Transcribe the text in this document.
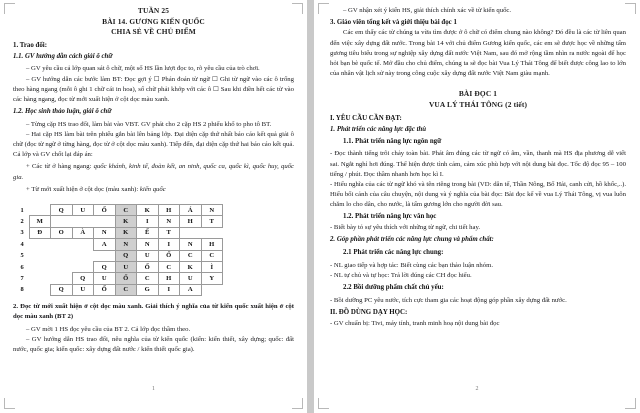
TUẦN 25
BÀI 14. GƯƠNG KIẾN QUỐC
CHIA SẺ VỀ CHỦ ĐIỂM
1. Trao đổi:
1.1. GV hướng dẫn cách giải ô chữ

– GV yêu cầu cả lớp quan sát ô chữ, một số HS lần lượt đọc to, rõ yêu cầu của trò chơi.

– GV hướng dẫn các bước làm BT: Đọc gợi ý ☐ Phán đoán từ ngữ ☐ Ghi từ ngữ vào các ô trống theo hàng ngang (mỗi ô ghi 1 chữ cái in hoa), số chữ phải khớp với các ô ☐ Sau khi điền hết các từ vào các hàng ngang, đọc từ mới xuất hiện ở cột dọc màu xanh.

1.2. Học sinh thảo luận, giải ô chữ

– Từng cặp HS trao đổi, làm bài vào VBT. GV phát cho 2 cặp HS 2 phiếu khổ to pho tô BT.

– Hai cặp HS làm bài trên phiếu gắn bài lên bảng lớp. Đại diện cặp thứ nhất báo cáo kết quả giải ô chữ (đọc từ ngữ ở từng hàng, đọc từ ở cột dọc màu xanh). Tiếp đến, đại diện cặp thứ hai báo cáo kết quả. Cả lớp và GV chốt lại đáp án:

+ Các từ ở hàng ngang: quốc khánh, kinh tế, đoàn kết, an ninh, quốc ca, quốc kì, quốc huy, quốc gia.

+ Từ mới xuất hiện ở cột dọc (màu xanh): kiến quốc

1		Q	U	Ố	C	K	H	Á	N
2	M				K	I	N	H	T
3	Đ	O	À	N	K	Ế	T		
4				A	N	N	I	N	H
5					Q	U	Ố	C	C
6				Q	U	Ố	C	K	Ì
7			Q	U	Ố	C	H	U	Y
8		Q	U	Ố	C	G	I	A	

2. Đọc từ mới xuất hiện ở cột dọc màu xanh. Giải thích ý nghĩa của từ kiến quốc xuất hiện ở cột dọc màu xanh (BT 2)

– GV mời 1 HS đọc yêu cầu của BT 2. Cả lớp đọc thầm theo.

– GV hướng dẫn HS trao đổi, nêu nghĩa của từ kiến quốc (kiến: kiến thiết, xây dựng; quốc: đất nước, quốc gia; kiến quốc: xây dựng đất nước / kiến thiết quốc gia).

1

– GV nhận xét ý kiến HS, giải thích chính xác về từ kiến quốc.

3. Giáo viên tổng kết và giới thiệu bài đọc 1

Các em thấy các từ chúng ta vừa tìm được ở ô chữ có điểm chung nào không? Đó đều là các từ liên quan đến việc xây dựng đất nước. Trong bài 14 với chủ điểm Gương kiến quốc, các em sẽ được học về những tấm gương tiêu biểu trong sự nghiệp xây dựng đất nước Việt Nam, sau đó mở rộng tầm nhìn ra nước ngoài để học hỏi bạn bè quốc tế. Mở đầu cho chủ điểm, chúng ta sẽ đọc bài Vua Lý Thái Tông để biết được công lao to lớn của nhân vật lịch sử này trong công cuộc xây dựng đất nước Việt Nam giàu mạnh.

BÀI ĐỌC 1
VUA LÝ THÁI TÔNG (2 tiết)
I. YÊU CẦU CẦN ĐẠT:
1. Phát triển các năng lực đặc thù
1.1. Phát triển năng lực ngôn ngữ

- Đọc thành tiếng trôi chảy toàn bài. Phát âm đúng các từ ngữ có âm, vần, thanh mà HS địa phương dễ viết sai. Ngắt nghỉ hơi đúng. Thể hiện được tình cảm, cảm xúc phù hợp với nội dung bài đọc. Tốc độ đọc 95 – 100 tiếng / phút. Đọc thầm nhanh hơn học kì I.

- Hiểu nghĩa của các từ ngữ khó và tên riêng trong bài (VD: dân tế, Thần Nông, Bố Hải, canh cửi, hồ khốc,..). Hiểu bối cảnh của câu chuyện, nội dung và ý nghĩa của bài đọc: Bài đọc kể về vua Lý Thái Tông, vị vua luôn chăm lo cho dân, cho nước, là tấm gương lớn cho người đời sau.

1.2. Phát triển năng lực văn học

- Biết bày tỏ sự yêu thích với những từ ngữ, chi tiết hay.

2. Góp phần phát triển các năng lực chung và phẩm chất:
2.1 Phát triển các năng lực chung:

- NL giao tiếp và hợp tác: Biết cùng các bạn thảo luận nhóm.

- NL tự chủ và tự học: Trả lời đúng các CH đọc hiểu.

2.2 Bồi dưỡng phẩm chất chủ yếu:

- Bồi dưỡng PC yêu nước, tích cực tham gia các hoạt động góp phần xây dựng đất nước.

II. ĐỒ DÙNG DẠY HỌC:

- GV chuẩn bị: Tivi, máy tính, tranh minh hoạ nội dung bài đọc

2
